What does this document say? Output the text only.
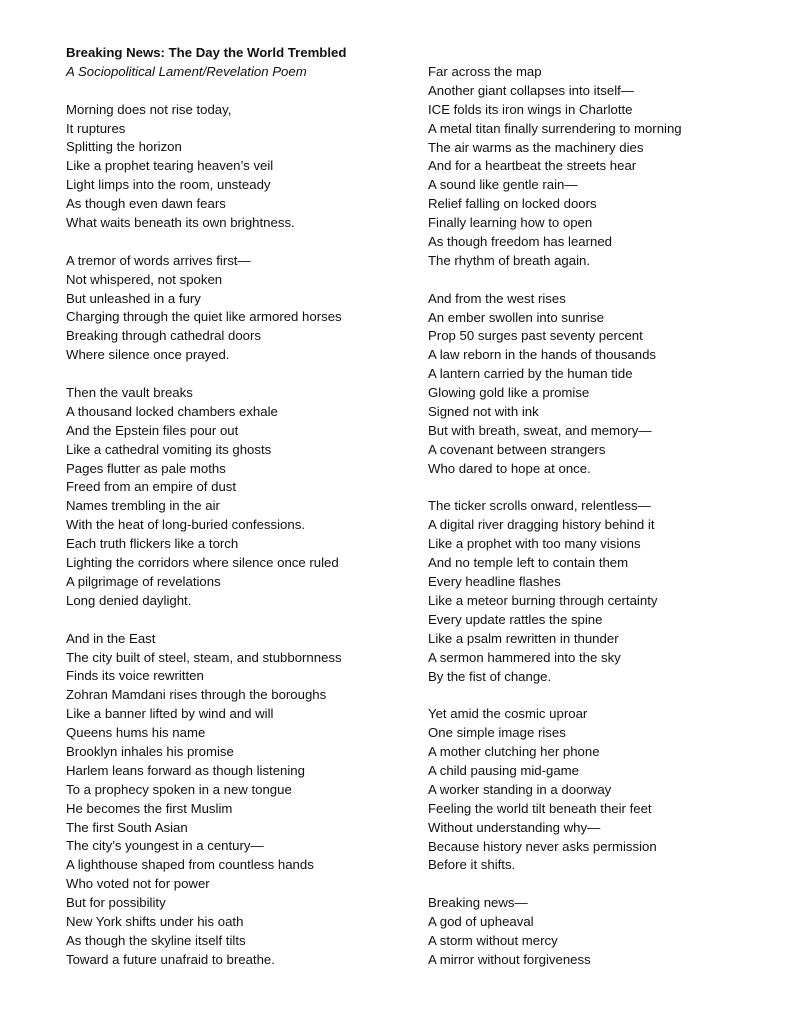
Breaking News: The Day the World Trembled

A Sociopolitical Lament/Revelation Poem

Morning does not rise today,

It ruptures

Splitting the horizon

Like a prophet tearing heaven’s veil

Light limps into the room, unsteady

As though even dawn fears

What waits beneath its own brightness.

A tremor of words arrives first—

Not whispered, not spoken

But unleashed in a fury

Charging through the quiet like armored horses

Breaking through cathedral doors

Where silence once prayed.

Then the vault breaks

A thousand locked chambers exhale

And the Epstein files pour out

Like a cathedral vomiting its ghosts

Pages flutter as pale moths

Freed from an empire of dust

Names trembling in the air

With the heat of long-buried confessions.

Each truth flickers like a torch

Lighting the corridors where silence once ruled

A pilgrimage of revelations

Long denied daylight.

And in the East

The city built of steel, steam, and stubbornness

Finds its voice rewritten

Zohran Mamdani rises through the boroughs

Like a banner lifted by wind and will

Queens hums his name

Brooklyn inhales his promise

Harlem leans forward as though listening

To a prophecy spoken in a new tongue

He becomes the first Muslim

The first South Asian

The city’s youngest in a century—

A lighthouse shaped from countless hands

Who voted not for power

But for possibility

New York shifts under his oath

As though the skyline itself tilts

Toward a future unafraid to breathe.

Far across the map

Another giant collapses into itself—

ICE folds its iron wings in Charlotte

A metal titan finally surrendering to morning

The air warms as the machinery dies

And for a heartbeat the streets hear

A sound like gentle rain—

Relief falling on locked doors

Finally learning how to open

As though freedom has learned

The rhythm of breath again.

And from the west rises

An ember swollen into sunrise

Prop 50 surges past seventy percent

A law reborn in the hands of thousands

A lantern carried by the human tide

Glowing gold like a promise

Signed not with ink

But with breath, sweat, and memory—

A covenant between strangers

Who dared to hope at once.

The ticker scrolls onward, relentless—

A digital river dragging history behind it

Like a prophet with too many visions

And no temple left to contain them

Every headline flashes

Like a meteor burning through certainty

Every update rattles the spine

Like a psalm rewritten in thunder

A sermon hammered into the sky

By the fist of change.

Yet amid the cosmic uproar

One simple image rises

A mother clutching her phone

A child pausing mid-game

A worker standing in a doorway

Feeling the world tilt beneath their feet

Without understanding why—

Because history never asks permission

Before it shifts.

Breaking news—

A god of upheaval

A storm without mercy

A mirror without forgiveness
